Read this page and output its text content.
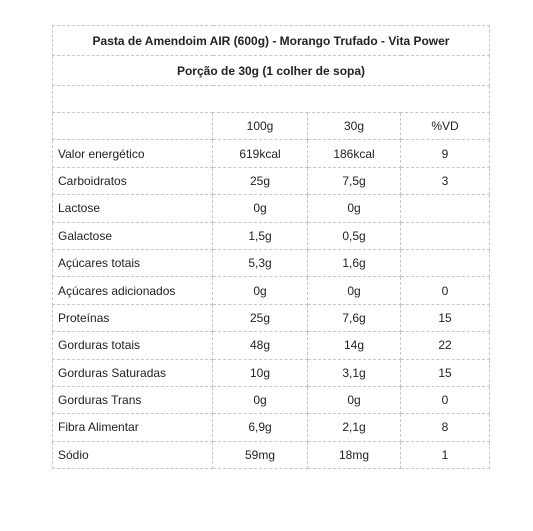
Pasta de Amendoim AIR (600g) - Morango Trufado - Vita Power			
Porção de 30g (1 colher de sopa)			

	100g	30g	%VD
Valor energético	619kcal	186kcal	9
Carboidratos	25g	7,5g	3
Lactose	0g	0g	
Galactose	1,5g	0,5g	
Açúcares totais	5,3g	1,6g	
Açúcares adicionados	0g	0g	0
Proteínas	25g	7,6g	15
Gorduras totais	48g	14g	22
Gorduras Saturadas	10g	3,1g	15
Gorduras Trans	0g	0g	0
Fibra Alimentar	6,9g	2,1g	8
Sódio	59mg	18mg	1
